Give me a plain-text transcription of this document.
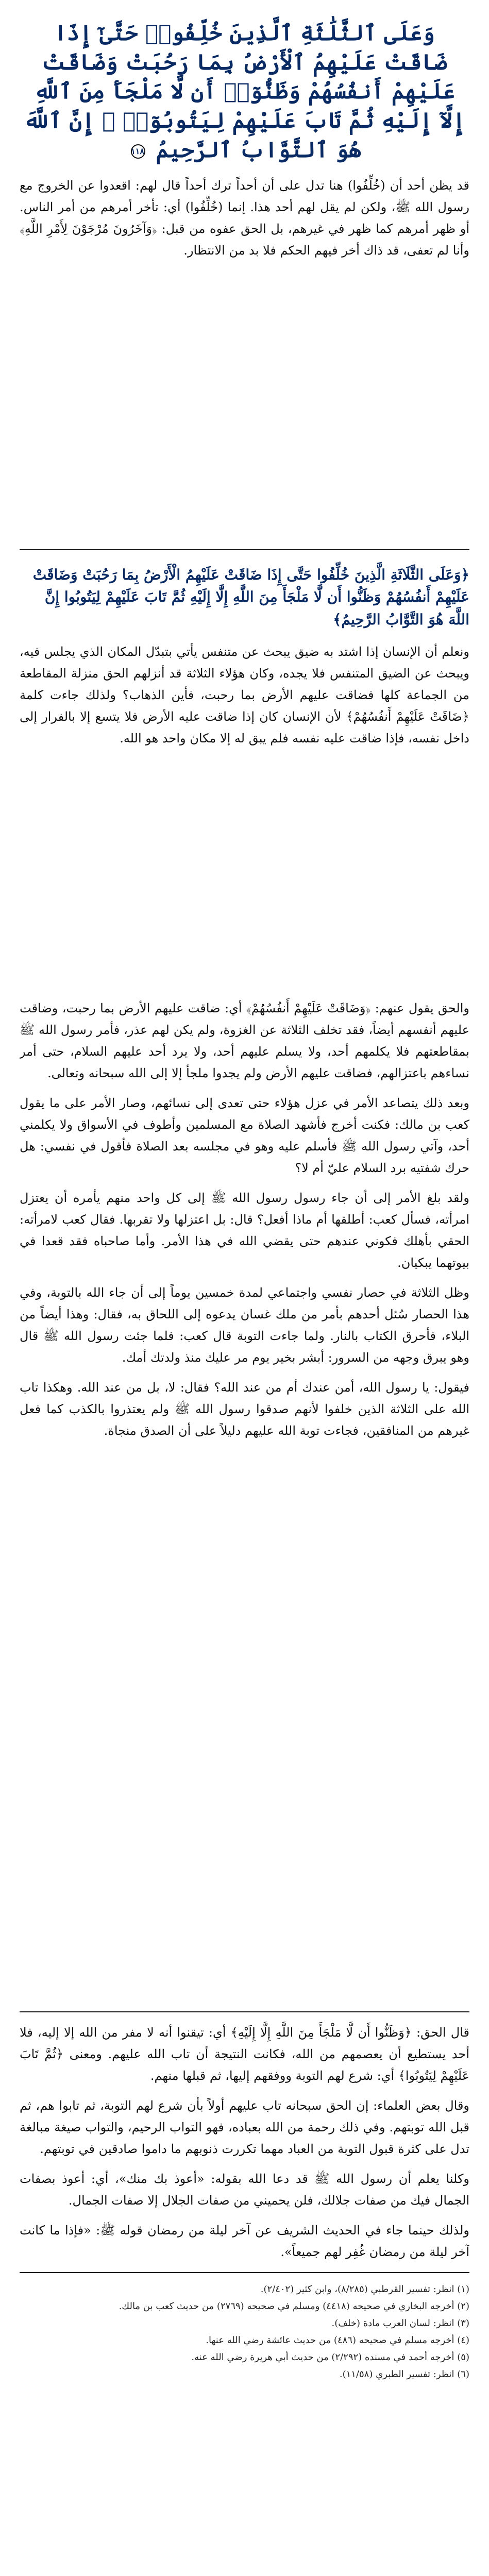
وَعَلَى ٱلثَّلَٰثَةِ ٱلَّذِينَ خُلِّفُوا۟ حَتَّىٰٓ إِذَا ضَاقَتْ عَلَيْهِمُ ٱلْأَرْضُ بِمَا رَحُبَتْ وَضَاقَتْ عَلَيْهِمْ أَنفُسُهُمْ وَظَنُّوٓا۟ أَن لَّا مَلْجَأَ مِنَ ٱللَّهِ إِلَّآ إِلَيْهِ ثُمَّ تَابَ عَلَيْهِمْ لِيَتُوبُوٓا۟ ۚ إِنَّ ٱللَّهَ هُوَ ٱلتَّوَّابُ ٱلرَّحِيمُ ١١٨
قد يظن أحد أن (خُلِّفُوا) هنا تدل على أن أحداً ترك أحداً قال لهم: اقعدوا عن الخروج مع رسول الله ﷺ، ولكن لم يقل لهم أحد هذا. إنما (خُلِّفُوا) أي: تأخر أمرهم من أمر الناس. أو ظهر أمرهم كما ظهر في غيرهم، بل الحق عفوه من قبل: ﴿وَآخَرُونَ مُرْجَوْنَ لِأَمْرِ اللَّهِ﴾ وأنا لم تعفى، قد ذاك أخر فيهم الحكم فلا بد من الانتظار.
﴿وَعَلَى الثَّلَاثَةِ الَّذِينَ خُلِّفُوا حَتَّى إِذَا ضَاقَتْ عَلَيْهِمُ الْأَرْضُ بِمَا رَحُبَتْ وَضَاقَتْ عَلَيْهِمْ أَنفُسُهُمْ وَظَنُّوا أَن لَّا مَلْجَأَ مِنَ اللَّهِ إِلَّا إِلَيْهِ ثُمَّ تَابَ عَلَيْهِمْ لِيَتُوبُوا إِنَّ اللَّهَ هُوَ التَّوَّابُ الرَّحِيمُ﴾
ونعلم أن الإنسان إذا اشتد به ضيق يبحث عن متنفس يأتي بتبدّل المكان الذي يجلس فيه، ويبحث عن الضيق المتنفس فلا يجده، وكان هؤلاء الثلاثة قد أنزلهم الحق منزلة المقاطعة من الجماعة كلها فضاقت عليهم الأرض بما رحبت، فأين الذهاب؟ ولذلك جاءت كلمة ﴿ضَاقَتْ عَلَيْهِمْ أَنفُسُهُمْ﴾ لأن الإنسان كان إذا ضاقت عليه الأرض فلا يتسع إلا بالفرار إلى داخل نفسه، فإذا ضاقت عليه نفسه فلم يبق له إلا مكان واحد هو الله.
والحق يقول عنهم: ﴿وَضَاقَتْ عَلَيْهِمْ أَنفُسُهُمْ﴾ أي: ضاقت عليهم الأرض بما رحبت، وضاقت عليهم أنفسهم أيضاً، فقد تخلف الثلاثة عن الغزوة، ولم يكن لهم عذر، فأمر رسول الله ﷺ بمقاطعتهم فلا يكلمهم أحد، ولا يسلم عليهم أحد، ولا يرد أحد عليهم السلام، حتى أمر نساءهم باعتزالهم، فضاقت عليهم الأرض ولم يجدوا ملجأ إلا إلى الله سبحانه وتعالى.
وبعد ذلك يتصاعد الأمر في عزل هؤلاء حتى تعدى إلى نسائهم، وصار الأمر على ما يقول كعب بن مالك: فكنت أخرج فأشهد الصلاة مع المسلمين وأطوف في الأسواق ولا يكلمني أحد، وآتي رسول الله ﷺ فأسلم عليه وهو في مجلسه بعد الصلاة فأقول في نفسي: هل حرك شفتيه برد السلام عليّ أم لا؟
ولقد بلغ الأمر إلى أن جاء رسول رسول الله ﷺ إلى كل واحد منهم يأمره أن يعتزل امرأته، فسأل كعب: أطلقها أم ماذا أفعل؟ قال: بل اعتزلها ولا تقربها. فقال كعب لامرأته: الحقي بأهلك فكوني عندهم حتى يقضي الله في هذا الأمر. وأما صاحباه فقد قعدا في بيوتهما يبكيان.
وظل الثلاثة في حصار نفسي واجتماعي لمدة خمسين يوماً إلى أن جاء الله بالتوبة، وفي هذا الحصار سُئل أحدهم بأمر من ملك غسان يدعوه إلى اللحاق به، فقال: وهذا أيضاً من البلاء، فأحرق الكتاب بالنار. ولما جاءت التوبة قال كعب: فلما جئت رسول الله ﷺ قال وهو يبرق وجهه من السرور: أبشر بخير يوم مر عليك منذ ولدتك أمك.
فيقول: يا رسول الله، أمن عندك أم من عند الله؟ فقال: لا، بل من عند الله. وهكذا تاب الله على الثلاثة الذين خلفوا لأنهم صدقوا رسول الله ﷺ ولم يعتذروا بالكذب كما فعل غيرهم من المنافقين، فجاءت توبة الله عليهم دليلاً على أن الصدق منجاة.
قال الحق: ﴿وَظَنُّوا أَن لَّا مَلْجَأَ مِنَ اللَّهِ إِلَّا إِلَيْهِ﴾ أي: تيقنوا أنه لا مفر من الله إلا إليه، فلا أحد يستطيع أن يعصمهم من الله، فكانت النتيجة أن تاب الله عليهم. ومعنى ﴿ثُمَّ تَابَ عَلَيْهِمْ لِيَتُوبُوا﴾ أي: شرع لهم التوبة ووفقهم إليها، ثم قبلها منهم.
وقال بعض العلماء: إن الحق سبحانه تاب عليهم أولاً بأن شرع لهم التوبة، ثم تابوا هم، ثم قبل الله توبتهم. وفي ذلك رحمة من الله بعباده، فهو التواب الرحيم، والتواب صيغة مبالغة تدل على كثرة قبول التوبة من العباد مهما تكررت ذنوبهم ما داموا صادقين في توبتهم.
وكلنا يعلم أن رسول الله ﷺ قد دعا الله بقوله: «أعوذ بك منك»، أي: أعوذ بصفات الجمال فيك من صفات جلالك، فلن يحميني من صفات الجلال إلا صفات الجمال.
ولذلك حينما جاء في الحديث الشريف عن آخر ليلة من رمضان قوله ﷺ: «فإذا ما كانت آخر ليلة من رمضان غُفِر لهم جميعاً».
(١) انظر: تفسير القرطبي (٨/٢٨٥)، وابن كثير (٢/٤٠٢).
(٢) أخرجه البخاري في صحيحه (٤٤١٨) ومسلم في صحيحه (٢٧٦٩) من حديث كعب بن مالك.
(٣) انظر: لسان العرب مادة (خلف).
(٤) أخرجه مسلم في صحيحه (٤٨٦) من حديث عائشة رضي الله عنها.
(٥) أخرجه أحمد في مسنده (٢/٢٩٢) من حديث أبي هريرة رضي الله عنه.
(٦) انظر: تفسير الطبري (١١/٥٨).
